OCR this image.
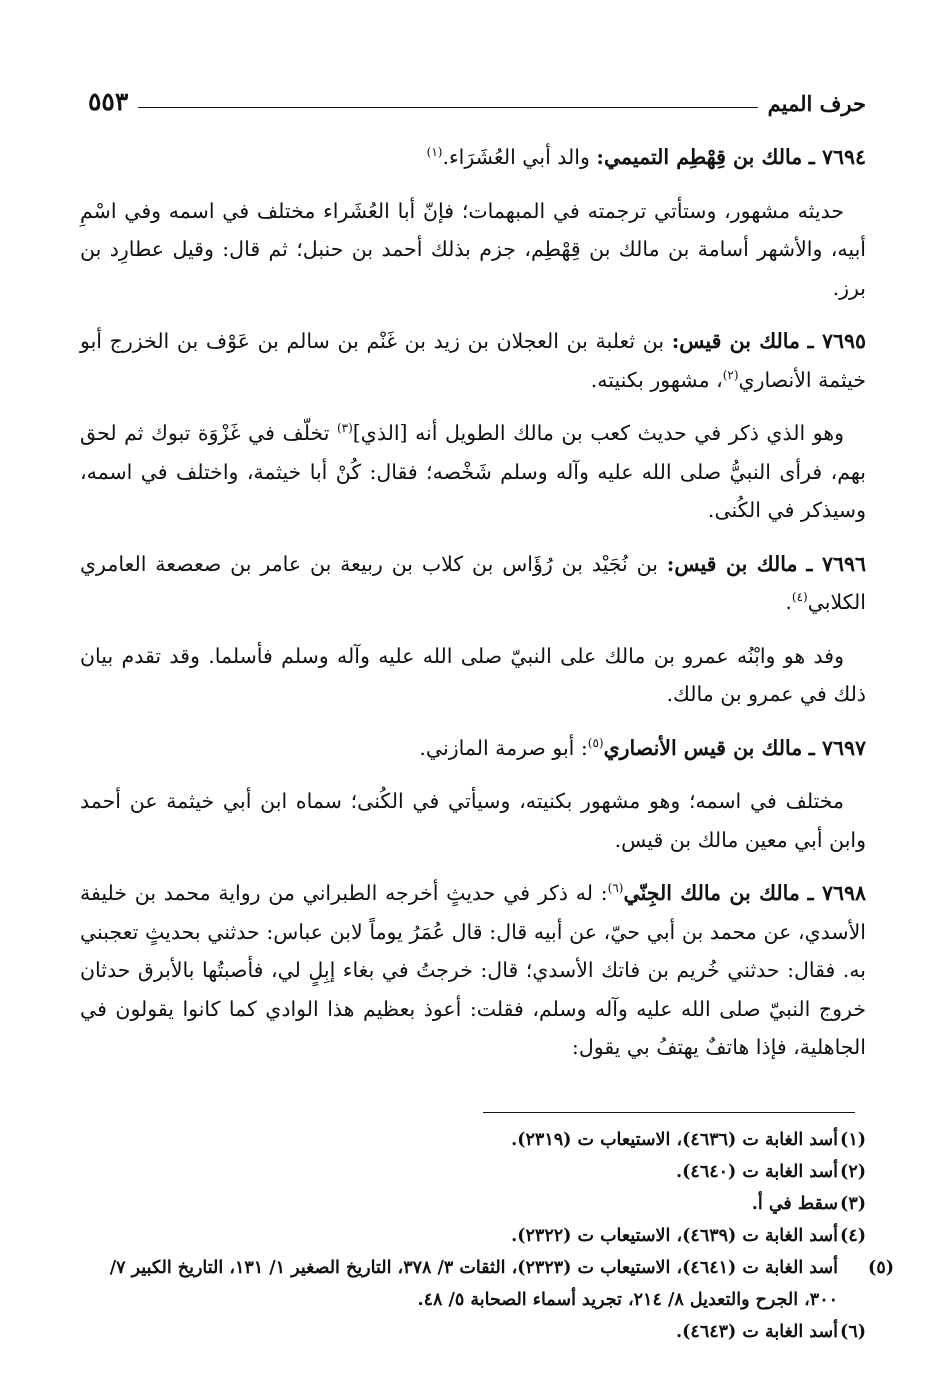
حرف الميم
٥٥٣

٧٦٩٤ ـ مالك بن قِهْطِم التميمي: والد أبي العُشَرَاء.$^{(١)}$

حديثه مشهور، وستأتي ترجمته في المبهمات؛ فإنّ أبا العُشَراء مختلف في اسمه وفي اسْمِ أبيه، والأشهر أسامة بن مالك بن قِهْطِم، جزم بذلك أحمد بن حنبل؛ ثم قال: وقيل عطارِد بن برز.

٧٦٩٥ ـ مالك بن قيس: بن ثعلبة بن العجلان بن زيد بن غَنْم بن سالم بن عَوْف بن الخزرج أبو خيثمة الأنصاري$^{(٢)}$، مشهور بكنيته.

وهو الذي ذكر في حديث كعب بن مالك الطويل أنه [الذي]$^{(٣)}$ تخلّف في غَزْوَة تبوك ثم لحق بهم، فرأى النبيُّ صلى الله عليه وآله وسلم شَخْصه؛ فقال: كُنْ أبا خيثمة، واختلف في اسمه، وسيذكر في الكُنى.

٧٦٩٦ ـ مالك بن قيس: بن نُجَيْد بن رُؤَاس بن كلاب بن ربيعة بن عامر بن صعصعة العامري الكلابي$^{(٤)}$.

وفد هو وابْنُه عمرو بن مالك على النبيّ صلى الله عليه وآله وسلم فأسلما. وقد تقدم بيان ذلك في عمرو بن مالك.

٧٦٩٧ ـ مالك بن قيس الأنصاري$^{(٥)}$: أبو صرمة المازني.

مختلف في اسمه؛ وهو مشهور بكنيته، وسيأتي في الكُنى؛ سماه ابن أبي خيثمة عن أحمد وابن أبي معين مالك بن قيس.

٧٦٩٨ ـ مالك بن مالك الجِنّي$^{(٦)}$: له ذكر في حديثٍ أخرجه الطبراني من رواية محمد بن خليفة الأسدي، عن محمد بن أبي حيّ، عن أبيه قال: قال عُمَرُ يوماً لابن عباس: حدثني بحديثٍ تعجبني به. فقال: حدثني خُريم بن فاتك الأسدي؛ قال: خرجتُ في بغاء إبِلٍ لي، فأصبتُها بالأبرق حدثان خروج النبيّ صلى الله عليه وآله وسلم، فقلت: أعوذ بعظيم هذا الوادي كما كانوا يقولون في الجاهلية، فإذا هاتفٌ يهتفُ بي يقول:

(١)أسد الغابة ت (٤٦٣٦)، الاستيعاب ت (٢٣١٩).

(٢)أسد الغابة ت (٤٦٤٠).

(٣)سقط في أ.

(٤)أسد الغابة ت (٤٦٣٩)، الاستيعاب ت (٢٣٢٢).

(٥)أسد الغابة ت (٤٦٤١)، الاستيعاب ت (٢٣٢٣)، الثقات ٣/ ٣٧٨، التاريخ الصغير ١/ ١٣١، التاريخ الكبير ٧/ ٣٠٠، الجرح والتعديل ٨/ ٢١٤، تجريد أسماء الصحابة ٥/ ٤٨.

(٦)أسد الغابة ت (٤٦٤٣).
